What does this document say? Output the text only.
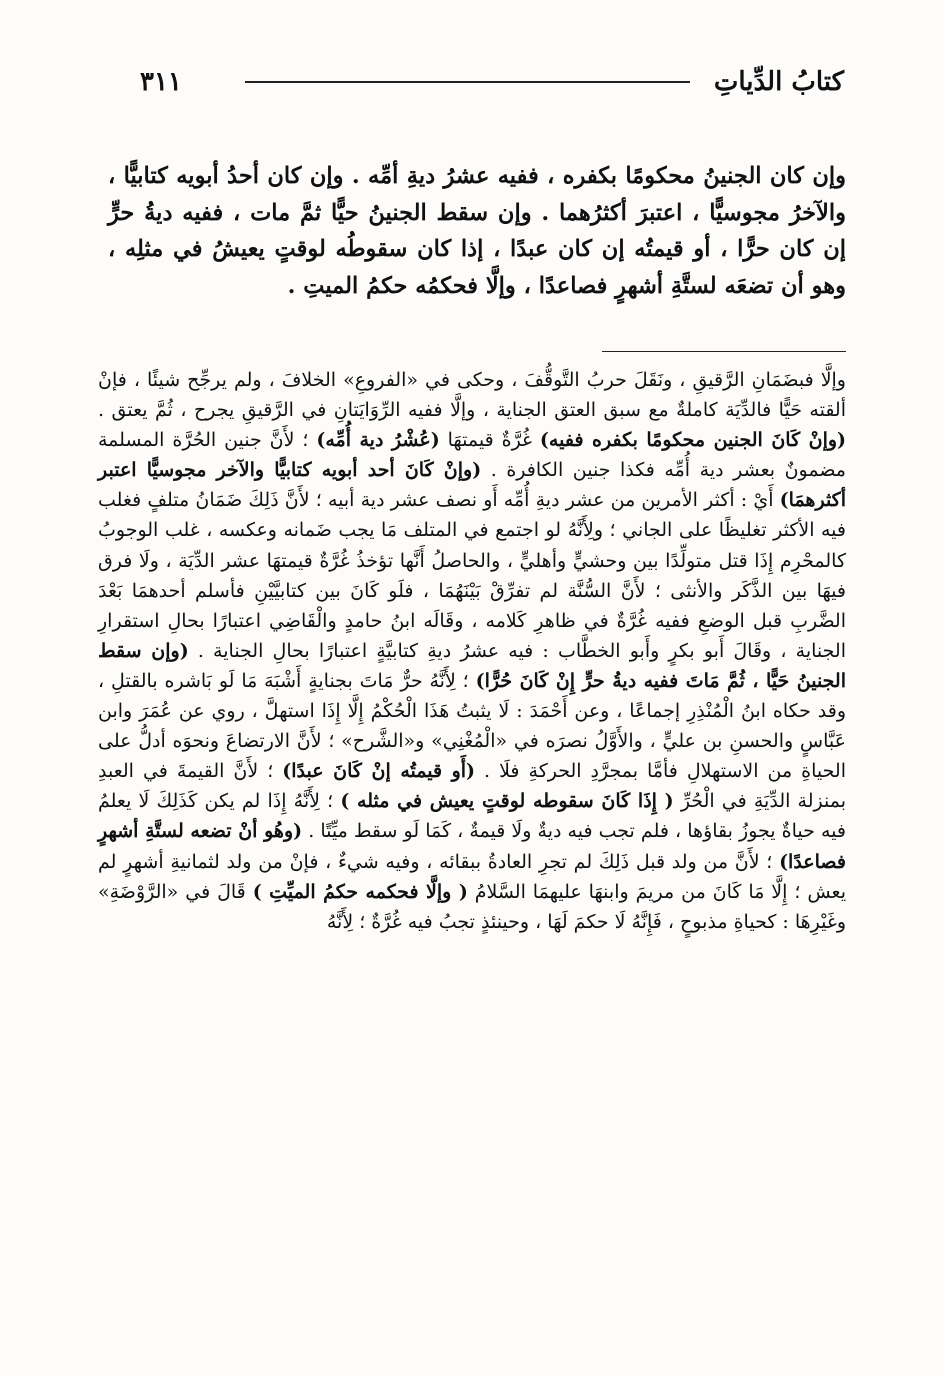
كتابُ الدِّياتِ
٣١١

وإن كان الجنينُ محكومًا بكفره ، ففيه عشرُ ديةِ أمِّه . وإن كان أحدُ أبويه كتابيًّا ، والآخرُ مجوسيًّا ، اعتبرَ أكثرُهما . وإن سقط الجنينُ حيًّا ثمَّ مات ، ففيه ديةُ حرٍّ إن كان حرًّا ، أو قيمتُه إن كان عبدًا ، إذا كان سقوطُه لوقتٍ يعيشُ في مثلِه ، وهو أن تضعَه لستَّةِ أشهرٍ فصاعدًا ، وإلَّا فحكمُه حكمُ الميتِ .

وإلَّا فبضَمَانِ الرَّقيقِ ، ونَقَلَ حربُ التَّوقُّفَ ، وحكى في «الفروعِ» الخلافَ ، ولم يرجِّح شيئًا ، فإنْ ألقته حَيًّا فالدِّيَة كاملةٌ مع سبق العتق الجناية ، وإلَّا ففيه الرِّوَايَتانِ في الرَّقيقِ يجرح ، ثُمَّ يعتق . (وإنْ كَانَ الجنين محكومًا بكفره ففيه) غُرَّةٌ قيمتهَا (عُشْرُ دية أُمِّه) ؛ لأَنَّ جنين الحُرَّة المسلمة مضمونٌ بعشر دية أُمِّه فكذا جنين الكافرة . (وإنْ كَانَ أحد أبويه كتابيًّا والآخر مجوسيًّا اعتبر أكثرهمَا) أَيْ : أكثر الأمرين من عشر ديةِ أُمِّه أَو نصف عشر دية أبيه ؛ لأَنَّ ذَلِكَ ضَمَانُ متلفٍ فغلب فيه الأكثر تغليظًا على الجاني ؛ ولِأَنَّهُ لو اجتمع في المتلف مَا يجب ضَمانه وعكسه ، غلب الوجوبُ كالمحْرِم إِذَا قتل متولِّدًا بين وحشيٍّ وأهليٍّ ، والحاصلُ أَنَّها تؤخذُ غُرَّةٌ قيمتهَا عشر الدِّيَة ، ولَا فرق فيهَا بين الذَّكَر والأنثى ؛ لأَنَّ السُّنَّة لم تفرِّقْ بَيْنَهُمَا ، فلَو كَانَ بين كتابيَّيْنِ فأسلم أحدهمَا بَعْدَ الضَّربِ قبل الوضعِ ففيه غُرَّةٌ في ظاهرِ كَلامه ، وقَالَه ابنُ حامدٍ والْقَاضِي اعتبارًا بحالِ استقرارِ الجناية ، وقَالَ أَبو بكرٍ وأَبو الخطَّاب : فيه عشرُ ديةِ كتابيَّةٍ اعتبارًا بحالِ الجناية . (وإن سقط الجنينُ حَيًّا ، ثُمَّ مَاتَ ففيه ديةُ حرٍّ إِنْ كَانَ حُرًّا) ؛ لِأَنَّهُ حرٌّ مَاتَ بجنايةٍ أَشْبَهَ مَا لَو بَاشره بالقتلِ ، وقد حكاه ابنُ الْمُنْذِرِ إجماعًا ، وعن أَحْمَدَ : لَا يثبتُ هَذَا الْحُكْمُ إِلَّا إِذَا استهلَّ ، روي عن عُمَرَ وابن عَبَّاسٍ والحسنِ بن عليٍّ ، والأَوَّلُ نصرَه في «الْمُغْنِي» و«الشَّرح» ؛ لأَنَّ الارتضاعَ ونحوَه أدلُّ على الحياةِ من الاستهلالِ فأمَّا بمجرَّدِ الحركةِ فلَا . (أَو قيمتُه إنْ كَانَ عبدًا) ؛ لأَنَّ القيمةَ في العبدِ بمنزلة الدِّيَةِ في الْحُرِّ ( إِذَا كَانَ سقوطه لوقتٍ يعيش في مثله ) ؛ لِأَنَّهُ إِذَا لم يكن كَذَلِكَ لَا يعلمُ فيه حياةٌ يجوزُ بقاؤها ، فلم تجب فيه ديةٌ ولَا قيمةٌ ، كَمَا لَو سقط ميِّتًا . (وهُو أنْ تضعه لستَّةِ أشهرٍ فصاعدًا) ؛ لأَنَّ من ولد قبل ذَلِكَ لم تجرِ العادةُ ببقائه ، وفيه شيءٌ ، فإنْ من ولد لثمانيةِ أشهرٍ لم يعش ؛ إِلَّا مَا كَانَ من مريمَ وابنهَا عليهمَا السَّلامُ ( وإلَّا فحكمه حكمُ الميِّتِ ) قَالَ في «الرَّوْضَةِ» وغَيْرِهَا : كحياةِ مذبوحٍ ، فَإِنَّهُ لَا حكمَ لَهَا ، وحينئذٍ تجبُ فيه غُرَّةٌ ؛ لِأَنَّهُ
